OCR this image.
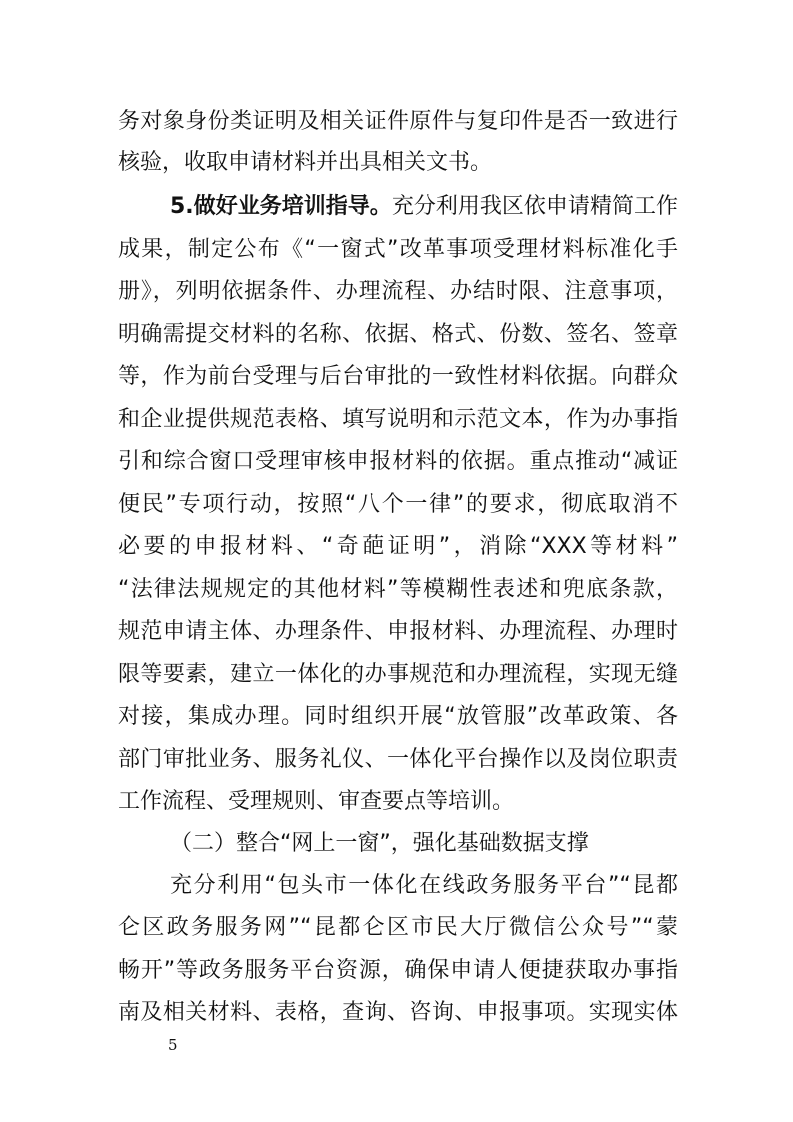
务对象身份类证明及相关证件原件与复印件是否一致进行
核验，收取申请材料并出具相关文书。
5.做好业务培训指导。充分利用我区依申请精简工作
成果，制定公布《“一窗式”改革事项受理材料标准化手
册》，列明依据条件、办理流程、办结时限、注意事项，
明确需提交材料的名称、依据、格式、份数、签名、签章
等，作为前台受理与后台审批的一致性材料依据。向群众
和企业提供规范表格、填写说明和示范文本，作为办事指
引和综合窗口受理审核申报材料的依据。重点推动“减证
便民”专项行动，按照“八个一律”的要求，彻底取消不
必要的申报材料、“奇葩证明”，消除“XXX等材料”
“法律法规规定的其他材料”等模糊性表述和兜底条款，
规范申请主体、办理条件、申报材料、办理流程、办理时
限等要素，建立一体化的办事规范和办理流程，实现无缝
对接，集成办理。同时组织开展“放管服”改革政策、各
部门审批业务、服务礼仪、一体化平台操作以及岗位职责
工作流程、受理规则、审查要点等培训。
（二）整合“网上一窗”，强化基础数据支撑
充分利用“包头市一体化在线政务服务平台”“昆都
仑区政务服务网”“昆都仑区市民大厅微信公众号”“蒙
畅开”等政务服务平台资源，确保申请人便捷获取办事指
南及相关材料、表格，查询、咨询、申报事项。实现实体
5
